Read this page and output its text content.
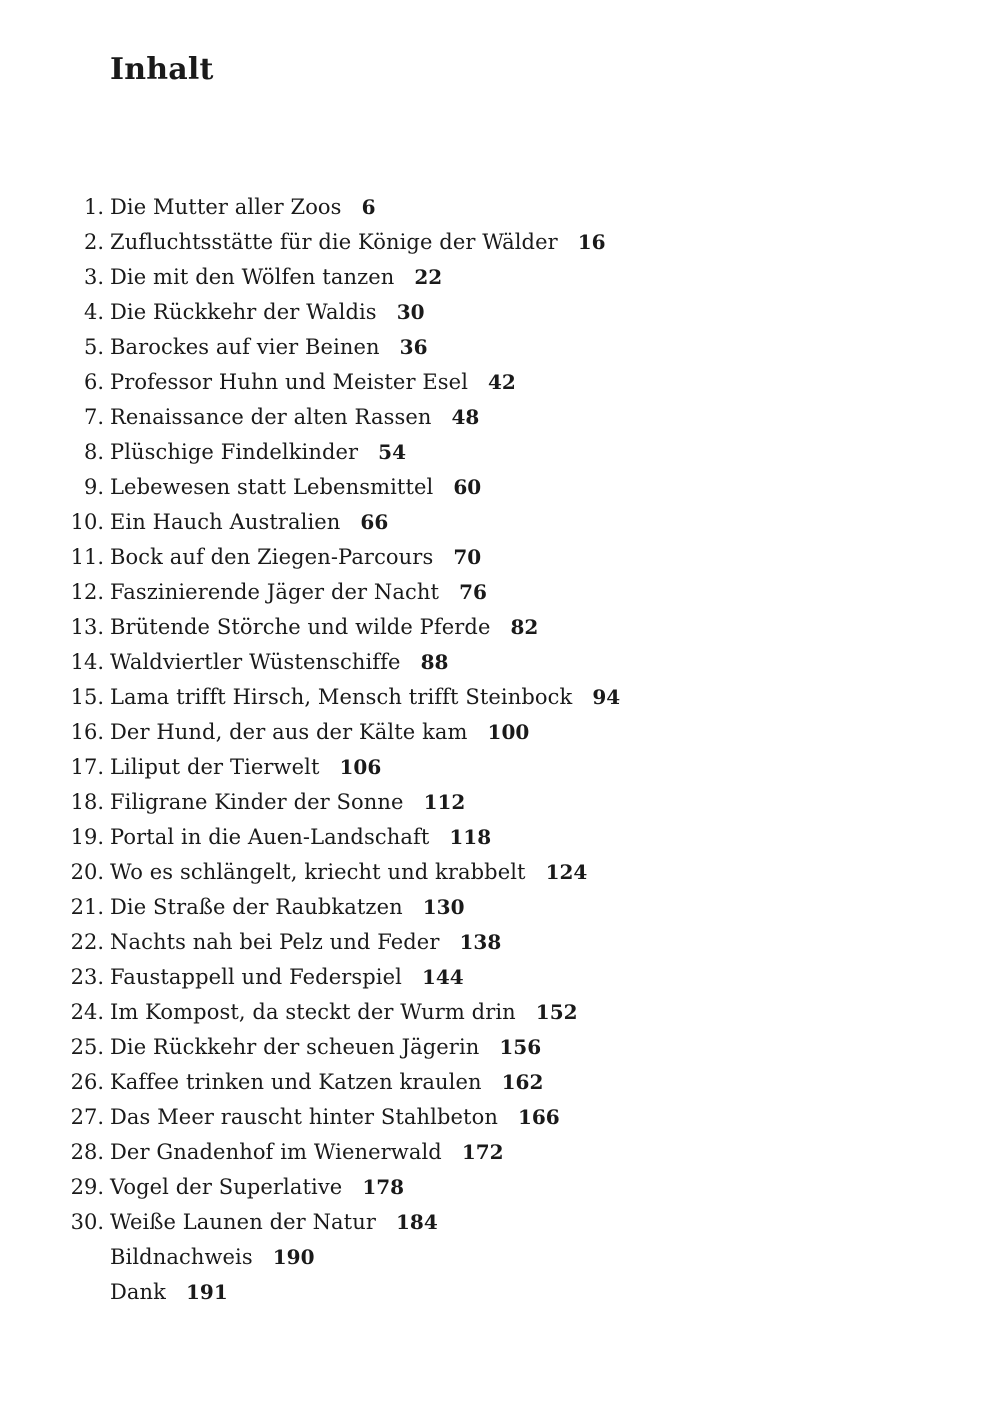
Inhalt
1. Die Mutter aller Zoos 6
2. Zufluchtsstätte für die Könige der Wälder 16
3. Die mit den Wölfen tanzen 22
4. Die Rückkehr der Waldis 30
5. Barockes auf vier Beinen 36
6. Professor Huhn und Meister Esel 42
7. Renaissance der alten Rassen 48
8. Plüschige Findelkinder 54
9. Lebewesen statt Lebensmittel 60
10. Ein Hauch Australien 66
11. Bock auf den Ziegen-Parcours 70
12. Faszinierende Jäger der Nacht 76
13. Brütende Störche und wilde Pferde 82
14. Waldviertler Wüstenschiffe 88
15. Lama trifft Hirsch, Mensch trifft Steinbock 94
16. Der Hund, der aus der Kälte kam 100
17. Liliput der Tierwelt 106
18. Filigrane Kinder der Sonne 112
19. Portal in die Auen-Landschaft 118
20. Wo es schlängelt, kriecht und krabbelt 124
21. Die Straße der Raubkatzen 130
22. Nachts nah bei Pelz und Feder 138
23. Faustappell und Federspiel 144
24. Im Kompost, da steckt der Wurm drin 152
25. Die Rückkehr der scheuen Jägerin 156
26. Kaffee trinken und Katzen kraulen 162
27. Das Meer rauscht hinter Stahlbeton 166
28. Der Gnadenhof im Wienerwald 172
29. Vogel der Superlative 178
30. Weiße Launen der Natur 184
Bildnachweis 190
Dank 191
